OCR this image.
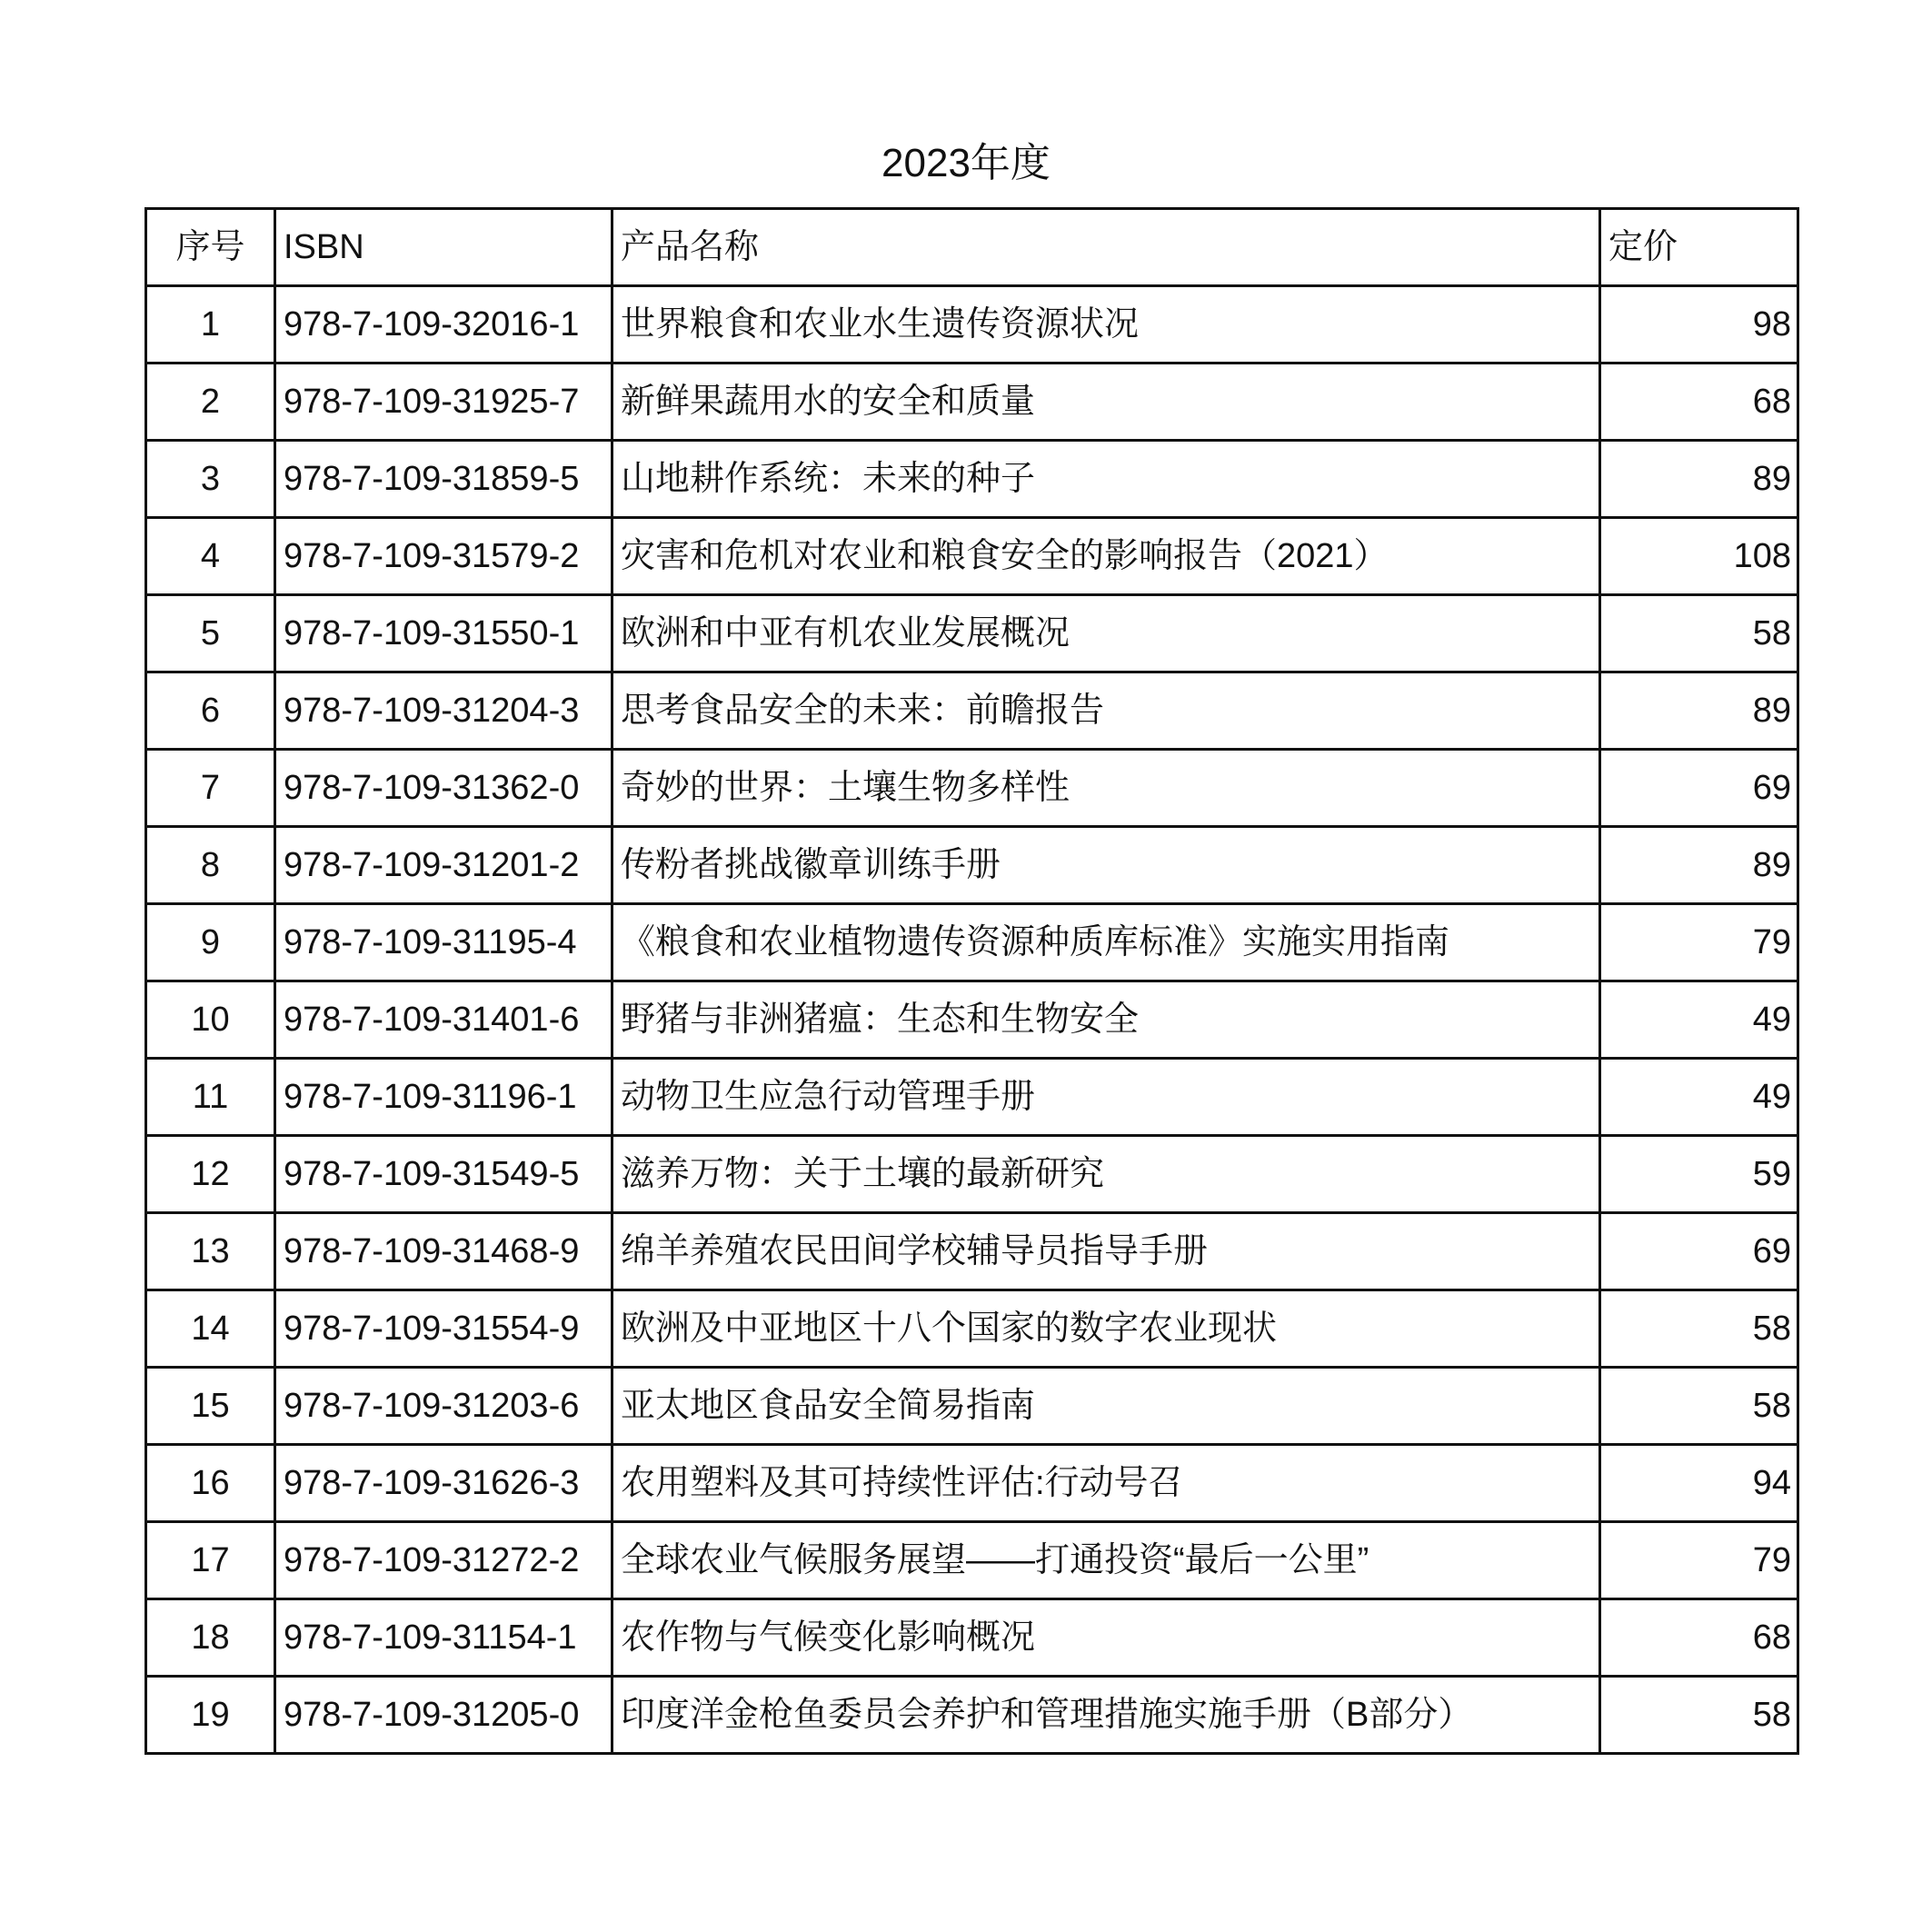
2023年度
序号	ISBN	产品名称	定价
1	978-7-109-32016-1	世界粮食和农业水生遗传资源状况	98
2	978-7-109-31925-7	新鲜果蔬用水的安全和质量	68
3	978-7-109-31859-5	山地耕作系统：未来的种子	89
4	978-7-109-31579-2	灾害和危机对农业和粮食安全的影响报告（2021）	108
5	978-7-109-31550-1	欧洲和中亚有机农业发展概况	58
6	978-7-109-31204-3	思考食品安全的未来：前瞻报告	89
7	978-7-109-31362-0	奇妙的世界：土壤生物多样性	69
8	978-7-109-31201-2	传粉者挑战徽章训练手册	89
9	978-7-109-31195-4	《粮食和农业植物遗传资源种质库标准》实施实用指南	79
10	978-7-109-31401-6	野猪与非洲猪瘟：生态和生物安全	49
11	978-7-109-31196-1	动物卫生应急行动管理手册	49
12	978-7-109-31549-5	滋养万物：关于土壤的最新研究	59
13	978-7-109-31468-9	绵羊养殖农民田间学校辅导员指导手册	69
14	978-7-109-31554-9	欧洲及中亚地区十八个国家的数字农业现状	58
15	978-7-109-31203-6	亚太地区食品安全简易指南	58
16	978-7-109-31626-3	农用塑料及其可持续性评估:行动号召	94
17	978-7-109-31272-2	全球农业气候服务展望——打通投资“最后一公里”	79
18	978-7-109-31154-1	农作物与气候变化影响概况	68
19	978-7-109-31205-0	印度洋金枪鱼委员会养护和管理措施实施手册（B部分）	58
